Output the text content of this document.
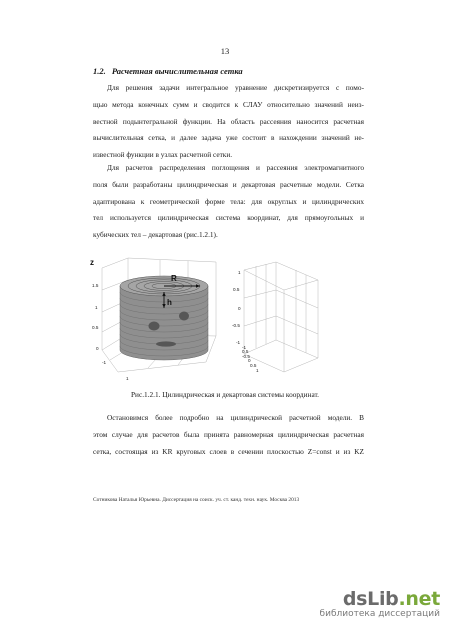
13
1.2. Расчетная вычислительная сетка
Для решения задачи интегральное уравнение дискретизируется с помо-
щью метода конечных сумм и сводится к СЛАУ относительно значений неиз-
вестной подынтегральной функции. На область рассеяния наносится расчетная
вычислительная сетка, и далее задача уже состоит в нахождении значений не-
известной функции в узлах расчетной сетки.
Для расчетов распределения поглощения и рассеяния электромагнитного
поля были разработаны цилиндрическая и декартовая расчетные модели. Сетка
адаптирована к геометрической форме тела: для округлых и цилиндрических
тел используется цилиндрическая система координат, для прямоугольных и
кубических тел – декартовая (рис.1.2.1).
R
h
z
1.5
1
0.5
0
-1
1
1
0.5
0
-0.5
-1
-1
0.5
-0.5
0
0.5
1
Рис.1.2.1. Цилиндрическая и декартовая системы координат.
Остановимся более подробно на цилиндрической расчетной модели. В
этом случае для расчетов была принята равномерная цилиндрическая расчетная
сетка, состоящая из KR круговых слоев в сечении плоскостью Z=const и из KZ
Сотникова Наталья Юрьевна. Диссертация на соиск. уч. ст. канд. техн. наук. Москва 2013
dsLib.net
библиотека диссертаций
